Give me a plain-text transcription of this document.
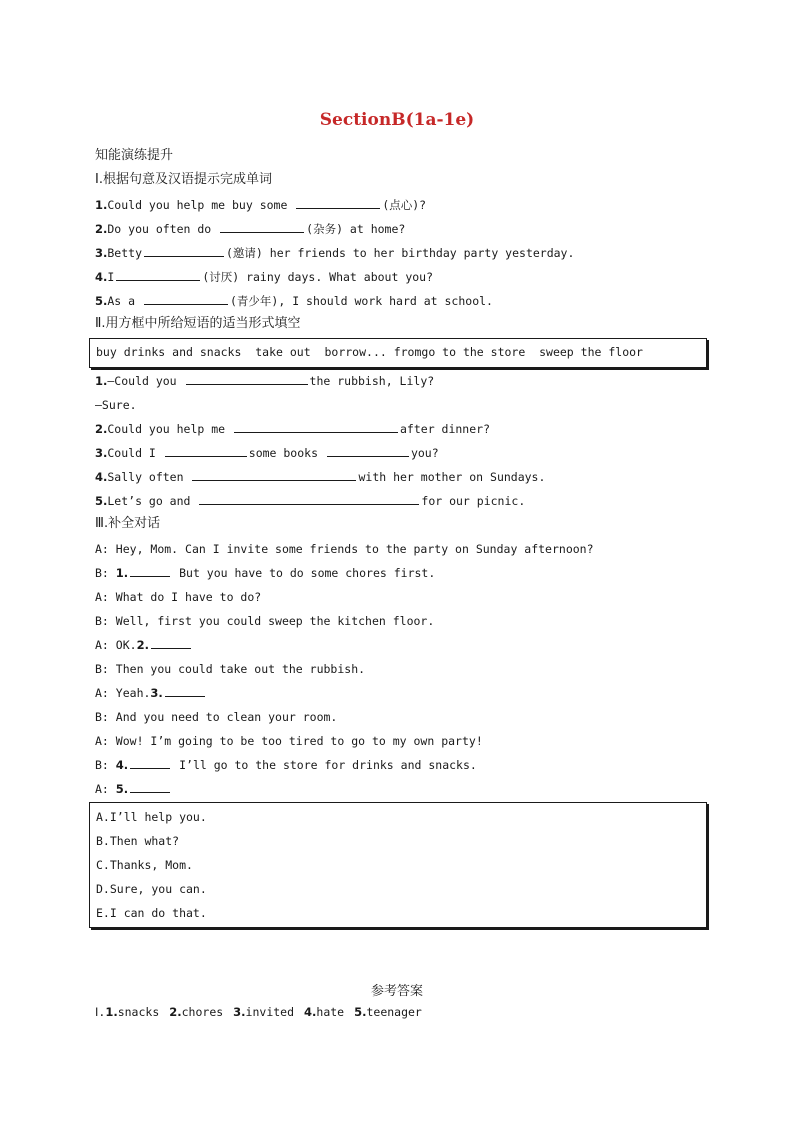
SectionB(1a-1e)
知能演练提升
Ⅰ.根据句意及汉语提示完成单词
1.Could you help me buy some	(点心)?
2.Do you often do	(杂务) at home?
3.Betty	(邀请) her friends to her birthday party yesterday.
4.I	(讨厌) rainy days. What about you?
5.As a	(青少年), I should work hard at school.
Ⅱ.用方框中所给短语的适当形式填空
buy drinks and snacks  take out  borrow... fromgo to the store  sweep the floor
1.—Could you	the rubbish, Lily?
—Sure.
2.Could you help me	after dinner?
3.Could I	some books	you?
4.Sally often	with her mother on Sundays.
5.Let’s go and	for our picnic.
Ⅲ.补全对话
A: Hey, Mom. Can I invite some friends to the party on Sunday afternoon?
B: 1.	But you have to do some chores first.
A: What do I have to do?
B: Well, first you could sweep the kitchen floor.
A: OK.2.
B: Then you could take out the rubbish.
A: Yeah.3.
B: And you need to clean your room.
A: Wow! I’m going to be too tired to go to my own party!
B: 4.	I’ll go to the store for drinks and snacks.
A: 5.
A.I’ll help you.
B.Then what?
C.Thanks, Mom.
D.Sure, you can.
E.I can do that.
参考答案
Ⅰ.1.snacks 2.chores 3.invited 4.hate 5.teenager
